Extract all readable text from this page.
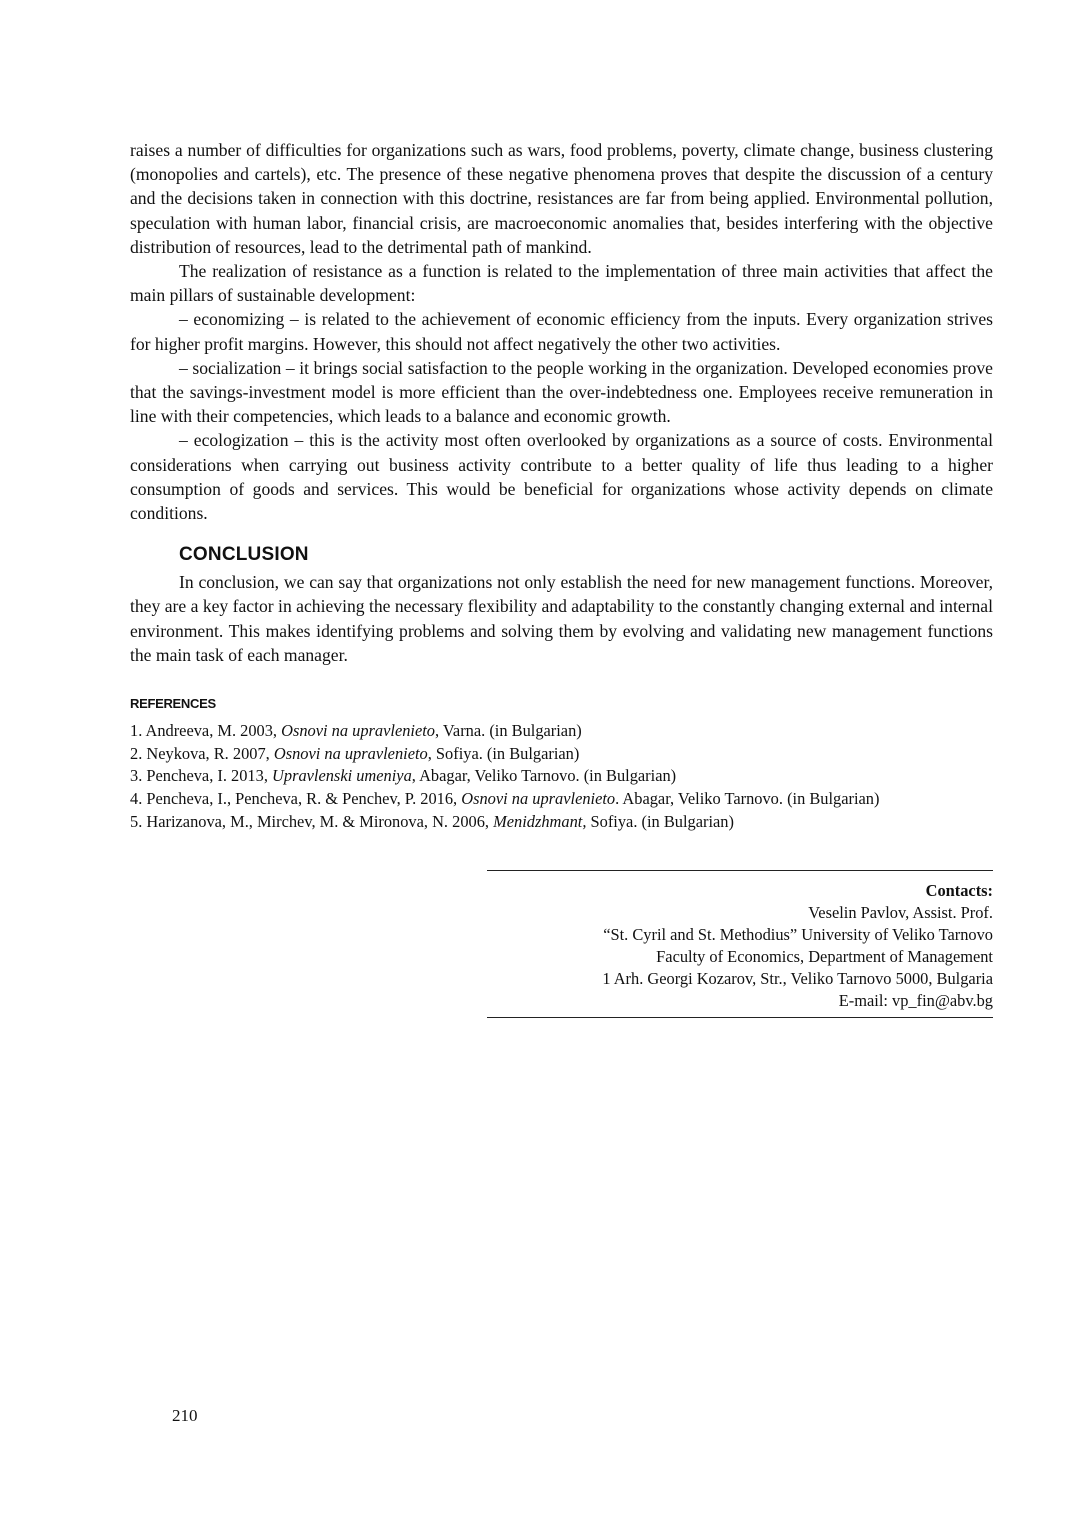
raises a number of difficulties for organizations such as wars, food problems, poverty, climate change, business clustering (monopolies and cartels), etc. The presence of these negative phenomena proves that despite the discussion of a century and the decisions taken in connection with this doctrine, resistances are far from being applied. Environmental pollution, speculation with human labor, financial crisis, are macroeconomic anomalies that, besides interfering with the objective distribution of resources, lead to the detrimental path of mankind.

The realization of resistance as a function is related to the implementation of three main activities that affect the main pillars of sustainable development:

– economizing – is related to the achievement of economic efficiency from the inputs. Every organization strives for higher profit margins. However, this should not affect negatively the other two activities.

– socialization – it brings social satisfaction to the people working in the organization. Developed economies prove that the savings-investment model is more efficient than the over-indebtedness one. Employees receive remuneration in line with their competencies, which leads to a balance and economic growth.

– ecologization – this is the activity most often overlooked by organizations as a source of costs. Environmental considerations when carrying out business activity contribute to a better quality of life thus leading to a higher consumption of goods and services. This would be beneficial for organizations whose activity depends on climate conditions.

CONCLUSION

In conclusion, we can say that organizations not only establish the need for new management functions. Moreover, they are a key factor in achieving the necessary flexibility and adaptability to the constantly changing external and internal environment. This makes identifying problems and solving them by evolving and validating new management functions the main task of each manager.

REFERENCES
1. Andreeva, M. 2003, Osnovi na upravlenieto, Varna. (in Bulgarian)
2. Neykova, R. 2007, Osnovi na upravlenieto, Sofiya. (in Bulgarian)
3. Pencheva, I. 2013, Upravlenski umeniya, Abagar, Veliko Tarnovo. (in Bulgarian)
4. Pencheva, I., Pencheva, R. & Penchev, P. 2016, Osnovi na upravlenieto. Abagar, Veliko Tarnovo. (in Bulgarian)
5. Harizanova, M., Mirchev, M. & Mironova, N. 2006, Menidzhmant, Sofiya. (in Bulgarian)
Contacts:
Veselin Pavlov, Assist. Prof.
“St. Cyril and St. Methodius” University of Veliko Tarnovo
Faculty of Economics, Department of Management
1 Arh. Georgi Kozarov, Str., Veliko Tarnovo 5000, Bulgaria
E-mail: vp_fin@abv.bg
210
